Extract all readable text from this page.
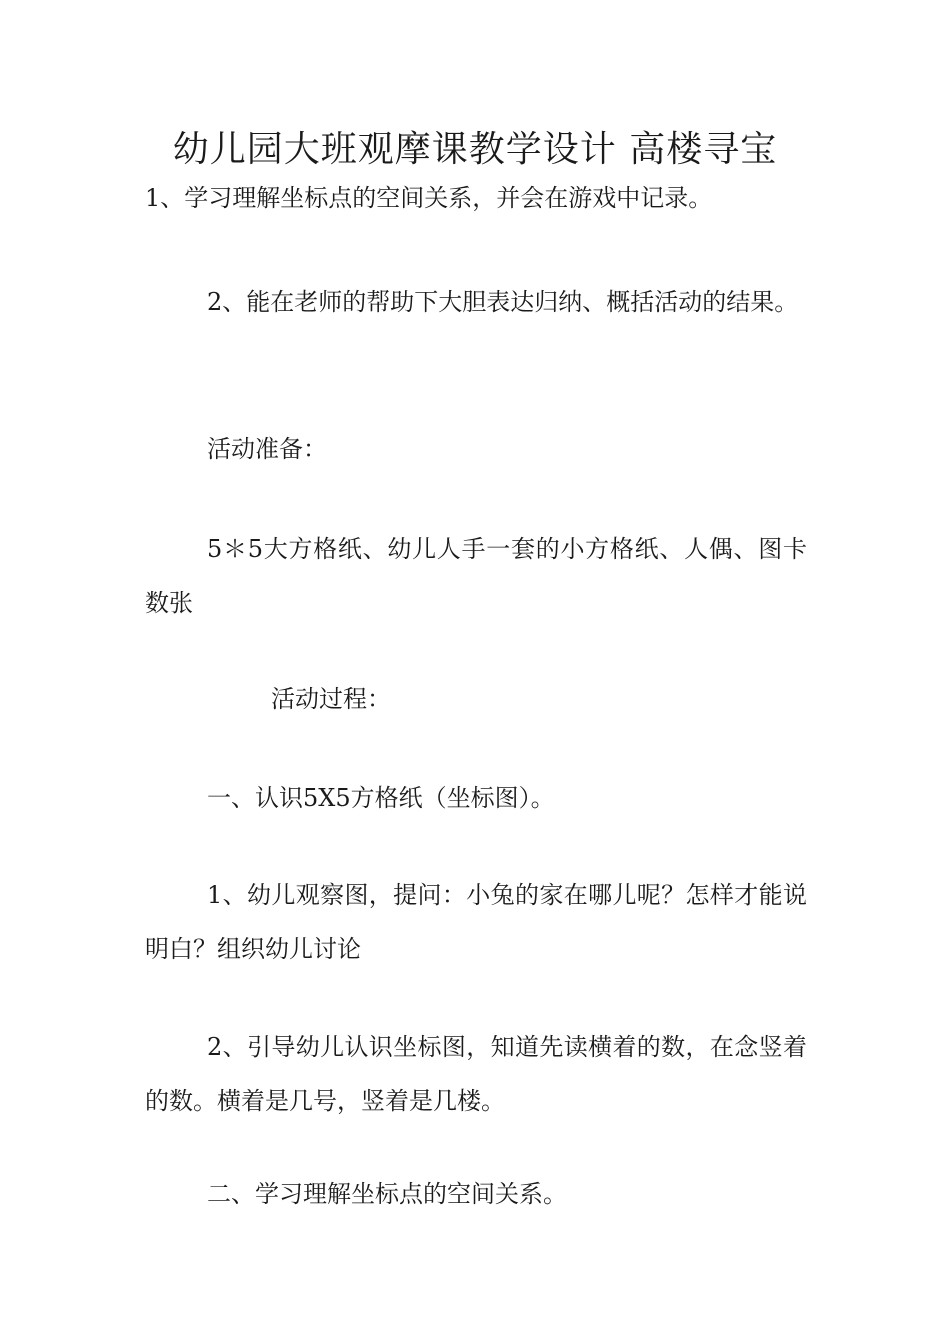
幼儿园大班观摩课教学设计 高楼寻宝

1、学习理解坐标点的空间关系，并会在游戏中记录。

2、能在老师的帮助下大胆表达归纳、概括活动的结果。

活动准备：

5＊5大方格纸、幼儿人手一套的小方格纸、人偶、图卡数张

活动过程：

一、认识5X5方格纸（坐标图）。

1、幼儿观察图，提问：小兔的家在哪儿呢？怎样才能说明白？组织幼儿讨论

2、引导幼儿认识坐标图，知道先读横着的数，在念竖着的数。横着是几号，竖着是几楼。

二、学习理解坐标点的空间关系。
